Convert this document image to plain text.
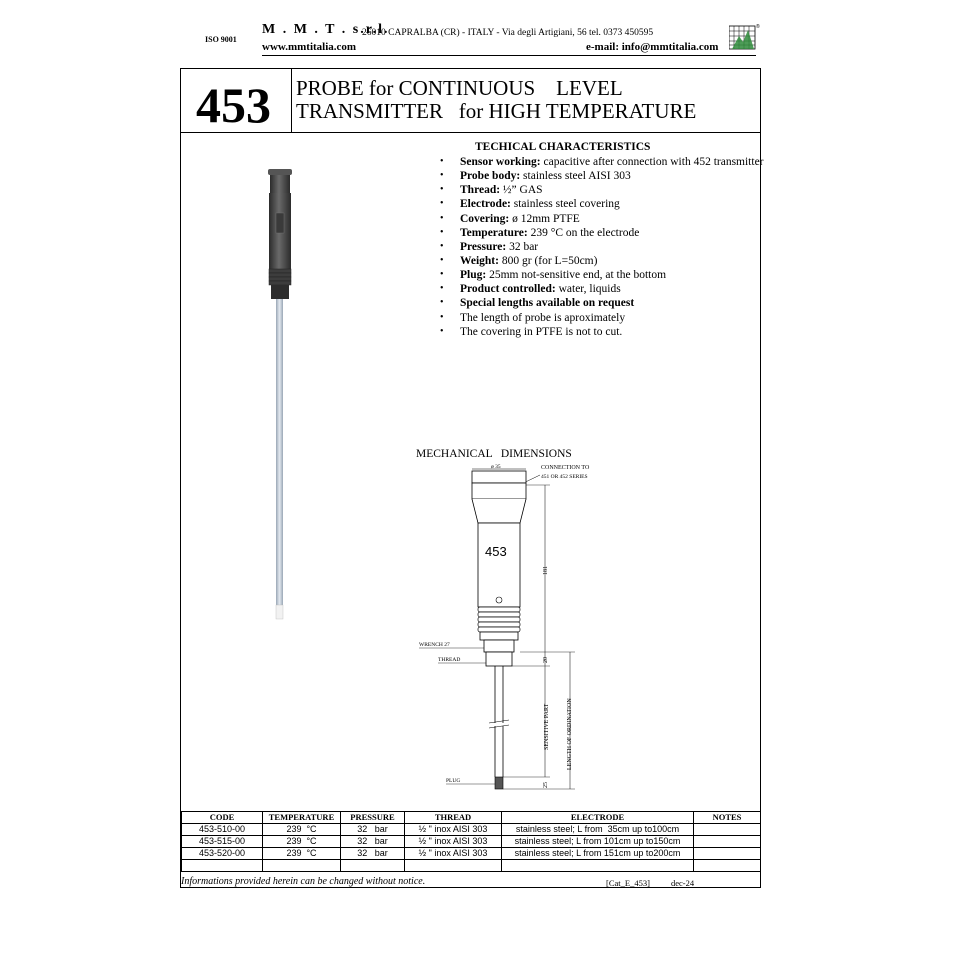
ISO 9001
M . M . T . s.r.l.
26010 CAPRALBA (CR) - ITALY - Via degli Artigiani, 56 tel. 0373 450595
www.mmtitalia.com	e-mail: info@mmtitalia.com
®
453 PROBE for CONTINUOUS    LEVEL
TRANSMITTER   for HIGH TEMPERATURE
TECHICAL CHARACTERISTICS
• Sensor working: capacitive after connection with 452 transmitter
• Probe body: stainless steel AISI 303
• Thread: ½” GAS
• Electrode: stainless steel covering
• Covering: ø 12mm PTFE
• Temperature: 239 °C on the electrode
• Pressure: 32 bar
• Weight: 800 gr (for L=50cm)
• Plug: 25mm not-sensitive end, at the bottom
• Product controlled: water, liquids
• Special lengths available on request
• The length of probe is aproximately
• The covering in PTFE is not to cut.
MECHANICAL   DIMENSIONS
ø 35	CONNECTION TO
451 OR 452 SERIES
453
181
20
LENGTH OF ORDINATION
SENSITIVE PART
25
WRENCH 27
THREAD
PLUG
CODE	TEMPERATURE	PRESSURE	THREAD	ELECTRODE	NOTES
453-510-00	239  °C	32   bar	½ " inox AISI 303	stainless steel; L from  35cm up to100cm	
453-515-00	239  °C	32   bar	½ " inox AISI 303	stainless steel; L from 101cm up to150cm	
453-520-00	239  °C	32   bar	½ " inox AISI 303	stainless steel; L from 151cm up to200cm	

Informations provided herein can be changed without notice.	[Cat_E_453] dec-24
